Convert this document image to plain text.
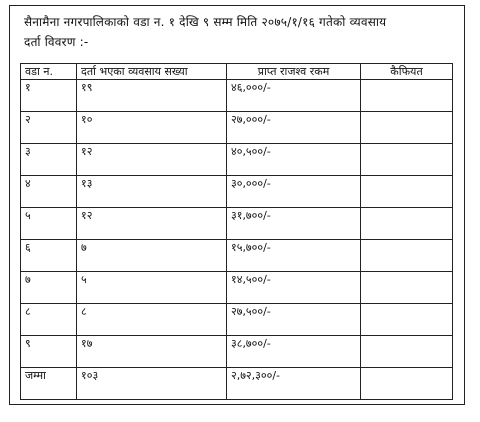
सैनामैना नगरपालिकाको वडा न. १ देखि ९ सम्म मिति २०७५/१/१६ गतेको व्यवसाय
दर्ता विवरण :-
वडा न.	दर्ता भएका व्यवसाय सख्या	प्राप्त राजश्व रकम	कैफियत
१	१९	४६,०००/-	
२	१०	२७,०००/-	
३	१२	४०,५००/-	
४	१३	३०,०००/-	
५	१२	३१,७००/-	
६	७	१५,७००/-	
७	५	१४,५००/-	
८	८	२७,५००/-	
९	१७	३८,७००/-	
जम्मा	१०३	२,७२,३००/-	
